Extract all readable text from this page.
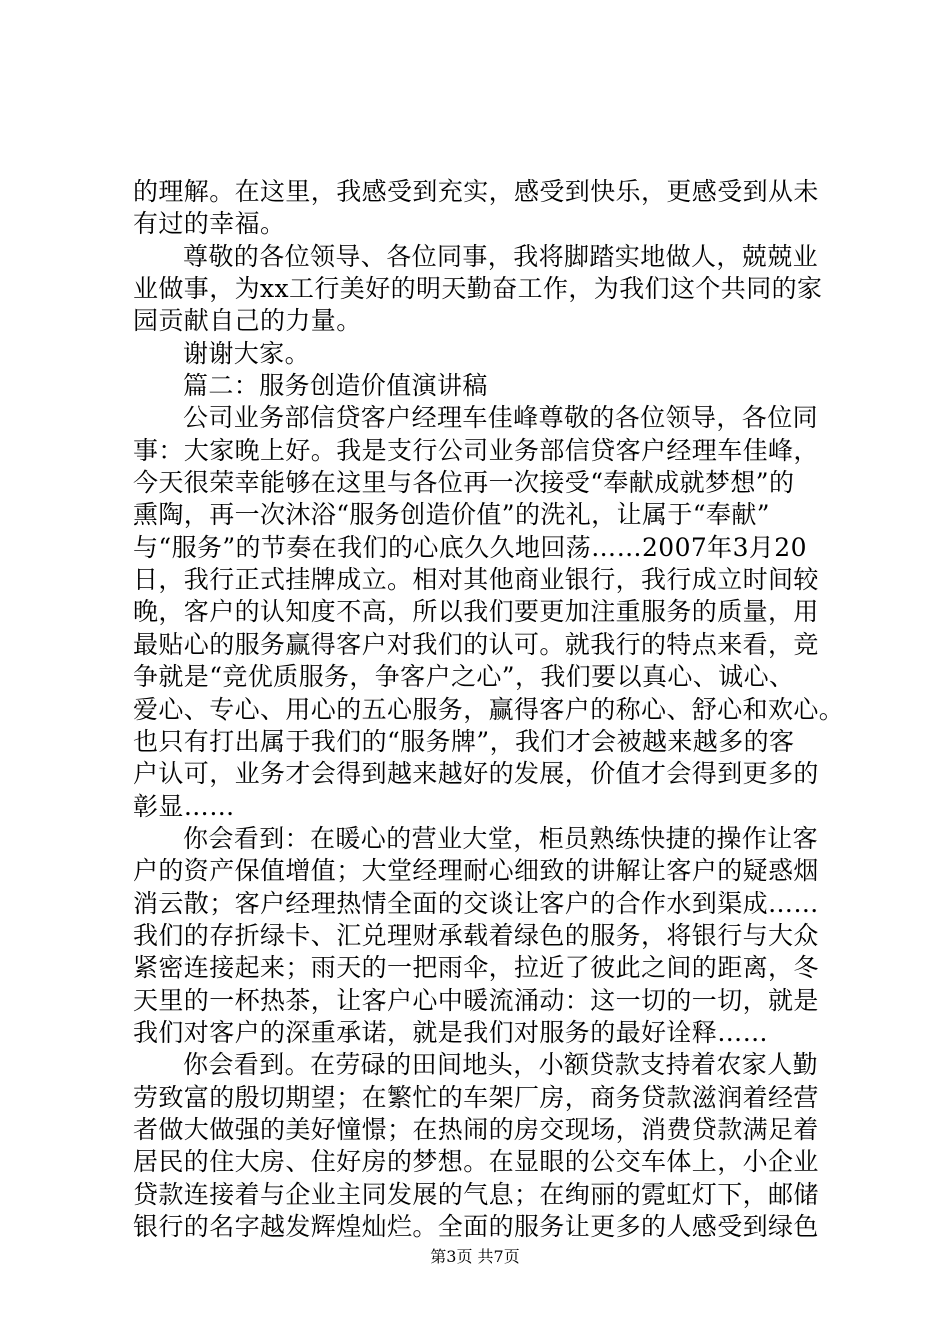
的理解。在这里，我感受到充实，感受到快乐，更感受到从未
有过的幸福。
尊敬的各位领导、各位同事，我将脚踏实地做人，兢兢业
业做事，为xx工行美好的明天勤奋工作，为我们这个共同的家
园贡献自己的力量。
谢谢大家。
篇二：服务创造价值演讲稿
公司业务部信贷客户经理车佳峰尊敬的各位领导，各位同
事：大家晚上好。我是支行公司业务部信贷客户经理车佳峰，
今天很荣幸能够在这里与各位再一次接受“奉献成就梦想”的
熏陶，再一次沐浴“服务创造价值”的洗礼，让属于“奉献”
与“服务”的节奏在我们的心底久久地回荡……2007年3月20
日，我行正式挂牌成立。相对其他商业银行，我行成立时间较
晚，客户的认知度不高，所以我们要更加注重服务的质量，用
最贴心的服务赢得客户对我们的认可。就我行的特点来看，竞
争就是“竞优质服务，争客户之心”，我们要以真心、诚心、
爱心、专心、用心的五心服务，赢得客户的称心、舒心和欢心。
也只有打出属于我们的“服务牌”，我们才会被越来越多的客
户认可，业务才会得到越来越好的发展，价值才会得到更多的
彰显……
你会看到：在暖心的营业大堂，柜员熟练快捷的操作让客
户的资产保值增值；大堂经理耐心细致的讲解让客户的疑惑烟
消云散；客户经理热情全面的交谈让客户的合作水到渠成……
我们的存折绿卡、汇兑理财承载着绿色的服务，将银行与大众
紧密连接起来；雨天的一把雨伞，拉近了彼此之间的距离，冬
天里的一杯热茶，让客户心中暖流涌动：这一切的一切，就是
我们对客户的深重承诺，就是我们对服务的最好诠释……
你会看到。在劳碌的田间地头，小额贷款支持着农家人勤
劳致富的殷切期望；在繁忙的车架厂房，商务贷款滋润着经营
者做大做强的美好憧憬；在热闹的房交现场，消费贷款满足着
居民的住大房、住好房的梦想。在显眼的公交车体上，小企业
贷款连接着与企业主同发展的气息；在绚丽的霓虹灯下，邮储
银行的名字越发辉煌灿烂。全面的服务让更多的人感受到绿色
第3页 共7页
